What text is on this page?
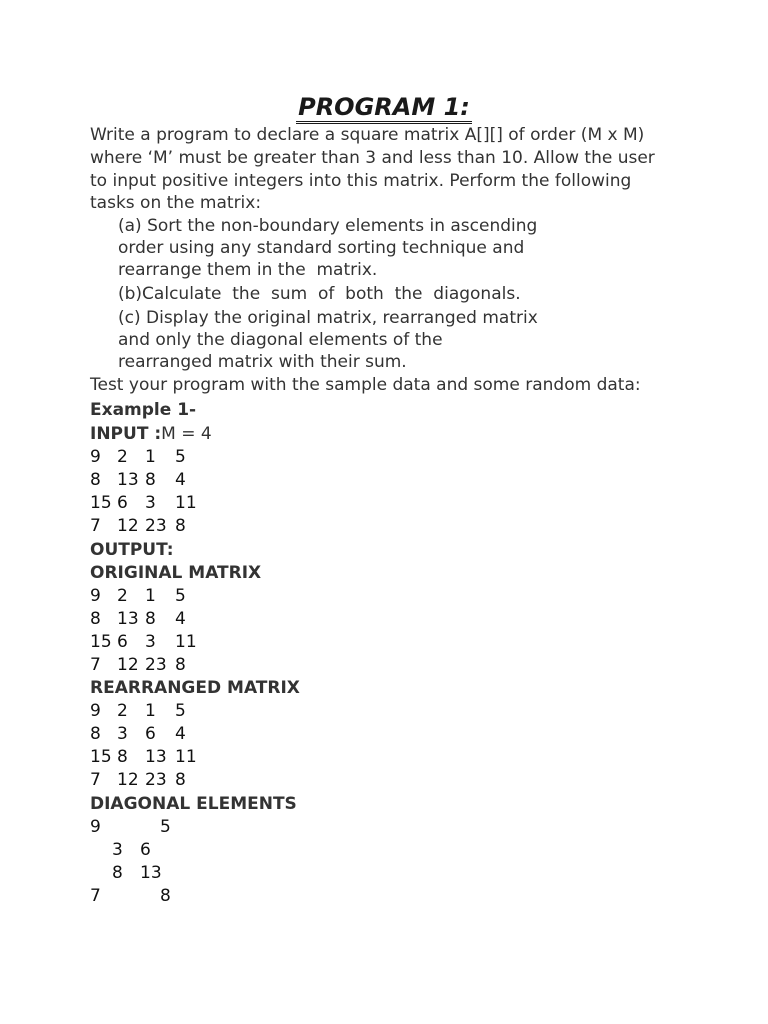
PROGRAM 1:
Write a program to declare a square matrix A[][] of order (M x M)
where ‘M’ must be greater than 3 and less than 10. Allow the user
to input positive integers into this matrix. Perform the following
tasks on the matrix:
(a) Sort the non-boundary elements in ascending
order using any standard sorting technique and
rearrange them in the  matrix.
(b)Calculate  the  sum  of  both  the  diagonals.
(c) Display the original matrix, rearranged matrix
and only the diagonal elements of the
rearranged matrix with their sum.
Test your program with the sample data and some random data:
Example 1-
INPUT :M = 4
9 2 1 5
8 13 8 4
15 6 3 11
7 12 23 8
OUTPUT:
ORIGINAL MATRIX
9 2 1 5
8 13 8 4
15 6 3 11
7 12 23 8
REARRANGED MATRIX
9 2 1 5
8 3 6 4
15 8 13 11
7 12 23 8
DIAGONAL ELEMENTS
9	5
3 6
8 13
7	8
